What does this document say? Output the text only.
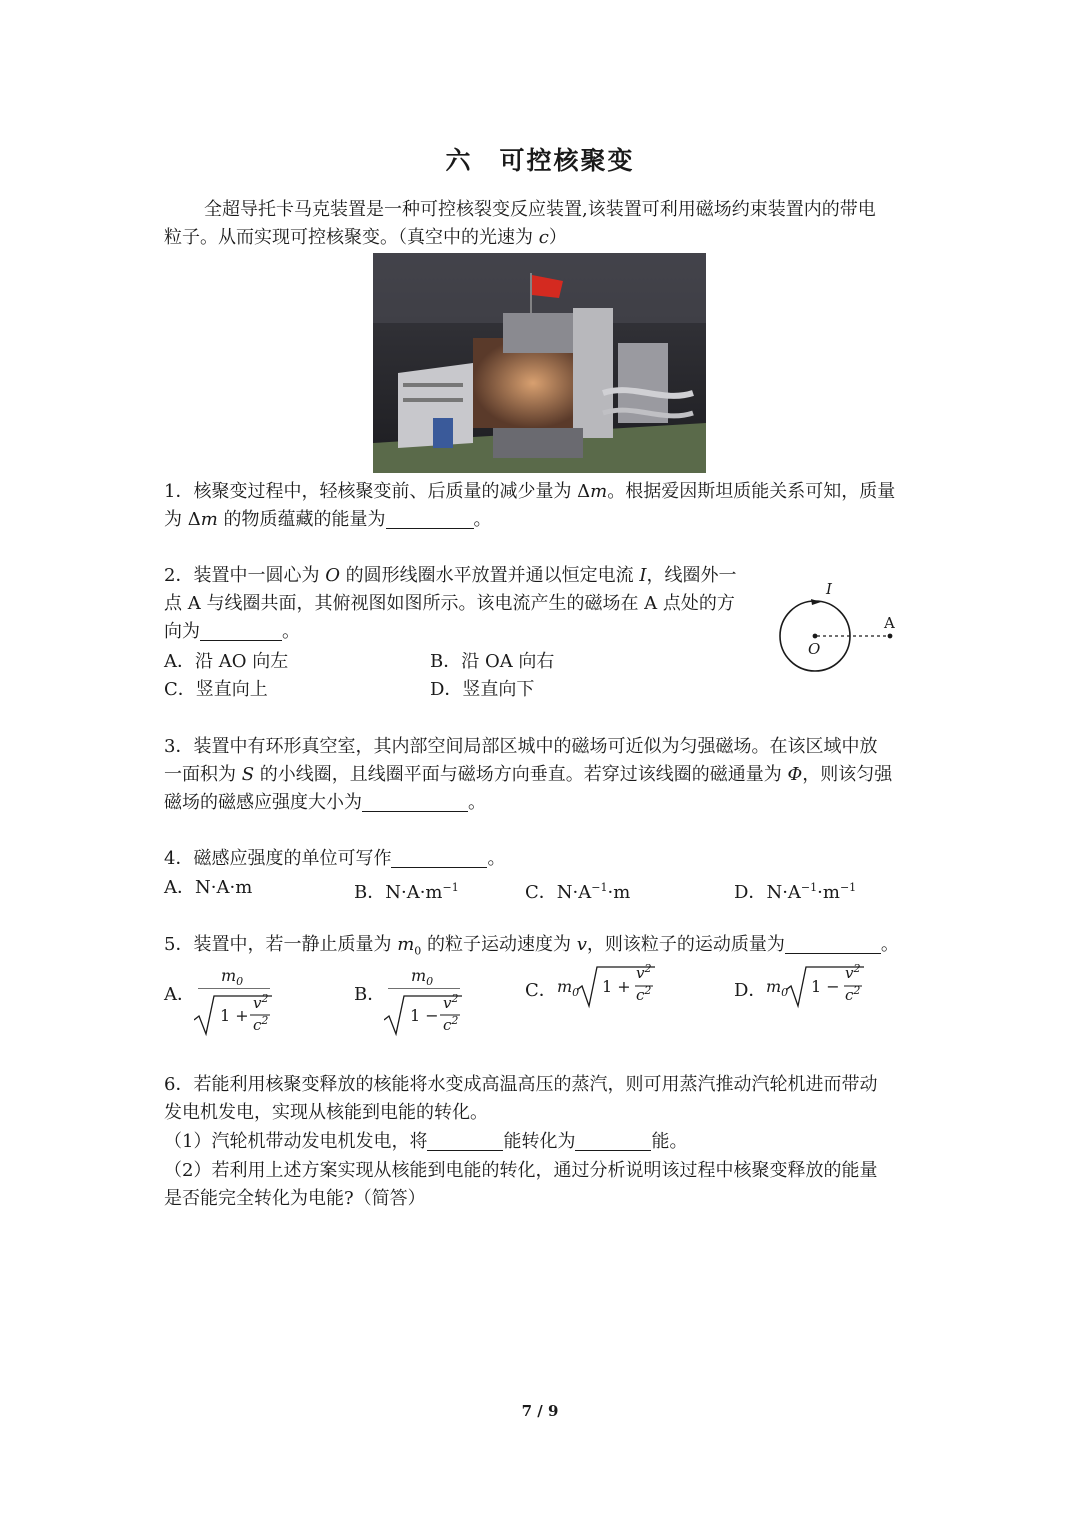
六　可控核聚变
全超导托卡马克装置是一种可控核裂变反应装置,该装置可利用磁场约束装置内的带电
粒子。从而实现可控核聚变。（真空中的光速为 c）
1．核聚变过程中，轻核聚变前、后质量的减少量为 Δm。根据爱因斯坦质能关系可知，质量
为 Δm 的物质蕴藏的能量为	。
2．装置中一圆心为 O 的圆形线圈水平放置并通以恒定电流 I，线圈外一
点 A 与线圈共面，其俯视图如图所示。该电流产生的磁场在 A 点处的方
向为	。
A．沿 AO 向左	B．沿 OA 向右
C．竖直向上	D．竖直向下
I
A
O
3．装置中有环形真空室，其内部空间局部区城中的磁场可近似为匀强磁场。在该区域中放
一面积为 S 的小线圈，且线圈平面与磁场方向垂直。若穿过该线圈的磁通量为 Φ，则该匀强
磁场的磁感应强度大小为	。
4．磁感应强度的单位可写作	。
A．N·A·m	B．$N\cdot A\cdot m^{-1}$	C．$N\cdot A^{-1}\cdot m$	D．$N\cdot A^{-1}\cdot m^{-1}$
5．装置中，若一静止质量为 $m_0$ 的粒子运动速度为 v，则该粒子的运动质量为	。
A．
$m_0$
1 +
$v^2$
$c^2$
B．
$m_0$
1 −
$v^2$
$c^2$
C． $m_0$ 1 +
$v^2$
$c^2$	D． $m_0$ 1 −
$v^2$
$c^2$
6．若能利用核聚变释放的核能将水变成高温高压的蒸汽，则可用蒸汽推动汽轮机进而带动
发电机发电，实现从核能到电能的转化。
（1）汽轮机带动发电机发电，将	能转化为	能。
（2）若利用上述方案实现从核能到电能的转化，通过分析说明该过程中核聚变释放的能量
是否能完全转化为电能?（简答）
7 / 9
